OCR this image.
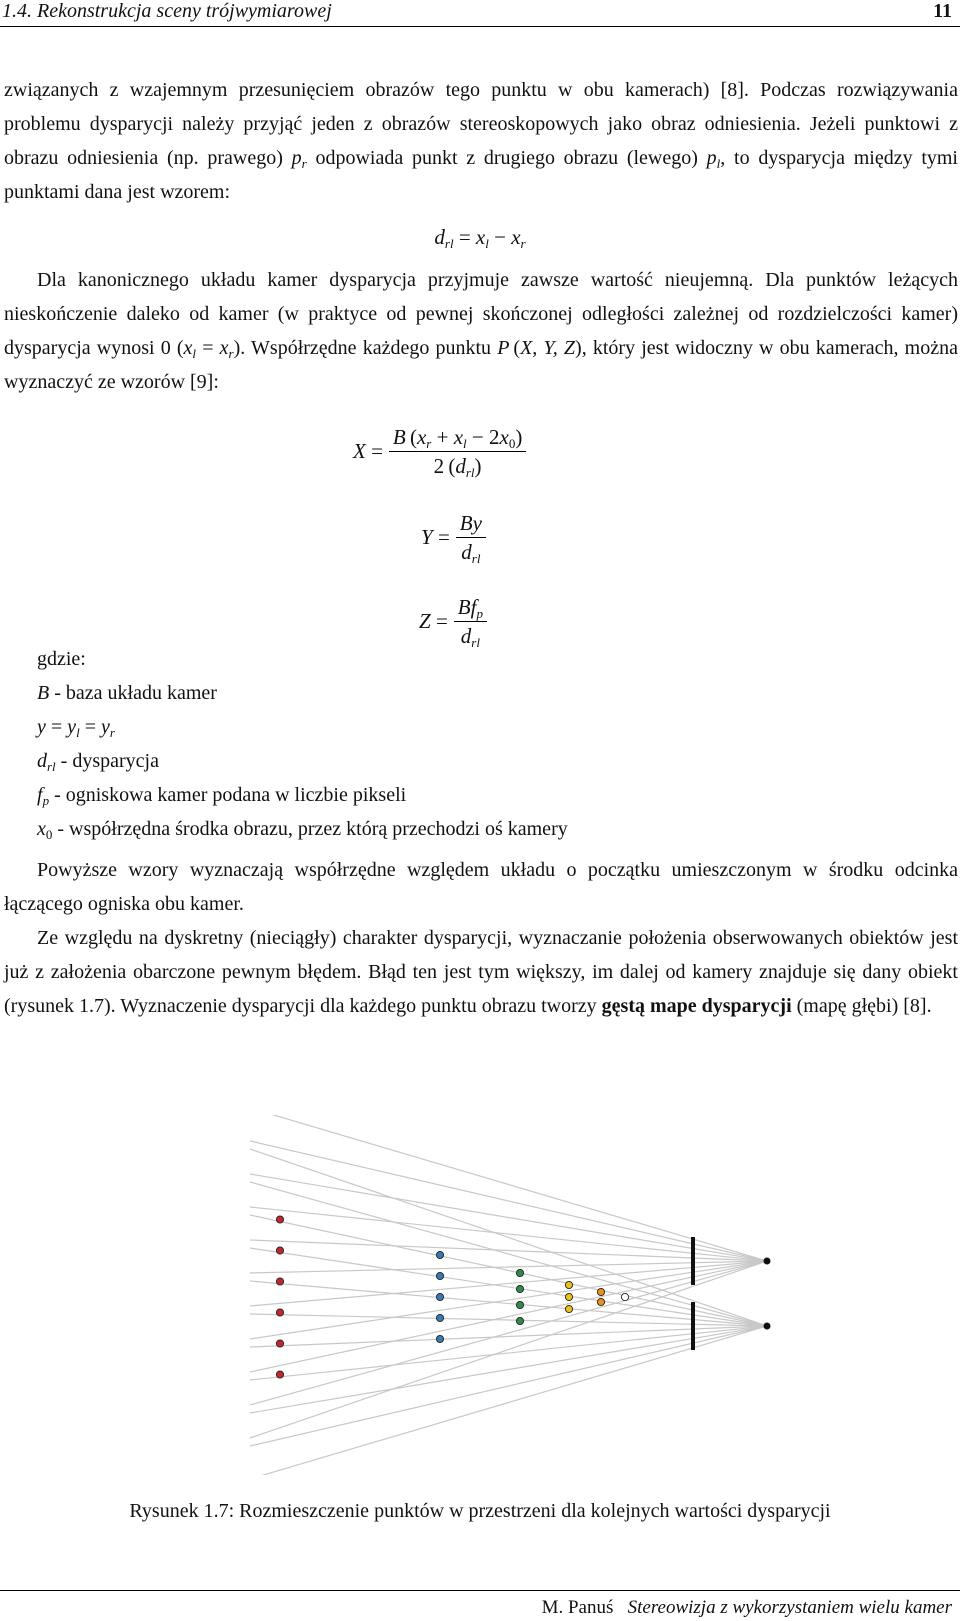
1.4. Rekonstrukcja sceny trójwymiarowej	11

związanych z wzajemnym przesunięciem obrazów tego punktu w obu kamerach) [8]. Podczas rozwiązywania problemu dysparycji należy przyjąć jeden z obrazów stereoskopowych jako obraz odniesienia. Jeżeli punktowi z obrazu odniesienia (np. prawego) $p_r$ odpowiada punkt z drugiego obrazu (lewego) $p_l$, to dysparycja między tymi punktami dana jest wzorem:

$d_{rl} = x_l - x_r$

Dla kanonicznego układu kamer dysparycja przyjmuje zawsze wartość nieujemną. Dla punktów leżących nieskończenie daleko od kamer (w praktyce od pewnej skończonej odległości zależnej od rozdzielczości kamer) dysparycja wynosi 0 $(x_l = x_r)$. Współrzędne każdego punktu P (X, Y, Z), który jest widoczny w obu kamerach, można wyznaczyć ze wzorów [9]:

$X = \frac{B (x_r + x_l - 2x_0)}{2 (d_{rl})}$
$Y = \frac{By}{d_{rl}}$
$Z = \frac{Bf_p}{d_{rl}}$
gdzie:
B - baza układu kamer
$y = y_l = y_r$
$d_{rl}$ - dysparycja
$f_p$ - ogniskowa kamer podana w liczbie pikseli
$x_0$ - współrzędna środka obrazu, przez którą przechodzi oś kamery

Powyższe wzory wyznaczają współrzędne względem układu o początku umieszczonym w środku odcinka łączącego ogniska obu kamer.

Ze względu na dyskretny (nieciągły) charakter dysparycji, wyznaczanie położenia obserwowanych obiektów jest już z założenia obarczone pewnym błędem. Błąd ten jest tym większy, im dalej od kamery znajduje się dany obiekt (rysunek 1.7). Wyznaczenie dysparycji dla każdego punktu obrazu tworzy gęstą mape dysparycji (mapę głębi) [8].

Rysunek 1.7: Rozmieszczenie punktów w przestrzeni dla kolejnych wartości dysparycji
M. Panuś Stereowizja z wykorzystaniem wielu kamer
